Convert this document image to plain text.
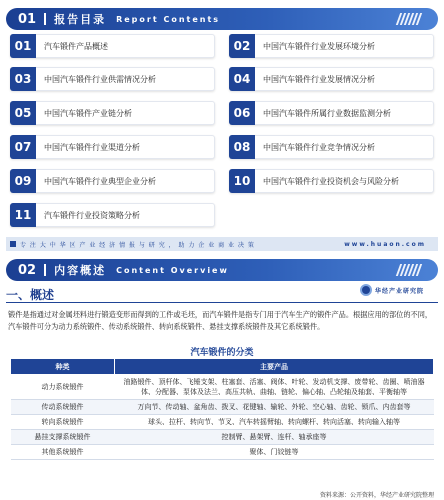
01 报告目录 Report Contents
01	汽车锻件产品概述	02	中国汽车锻件行业发展环境分析
03	中国汽车锻件行业供需情况分析	04	中国汽车锻件行业发展情况分析
05	中国汽车锻件产业链分析	06	中国汽车锻件所属行业数据监测分析
07	中国汽车锻件行业渠道分析	08	中国汽车锻件行业竞争情况分析
09	中国汽车锻件行业典型企业分析	10	中国汽车锻件行业投资机会与风险分析
11	汽车锻件行业投资策略分析
专 注 大 中 华 区 产 业 经 济 情 报 与 研 究 ， 助 力 企 业 商 业 决 策	www.huaon.com
02 内容概述 Content Overview
一、概述	华经产业研究院
锻件是指通过对金属坯料进行锻造变形而得到的工件或毛坯，而汽车锻件是指专门用于汽车生产的锻件产品。根据应用的部位的不同，汽车锻件可分为动力系统锻件、传动系统锻件、转向系统锻件、悬挂支撑系统锻件及其它系统锻件。
汽车锻件的分类
种类	主要产品
动力系统锻件	油路锻件、顶杆体、飞锤支架、柱塞套、活塞、阀体、叶轮、发动机支撑、废带轮、齿圈、喷油器体、分配器、泵体及法兰、高压共轨、曲轴、链轮、偏心轴、凸轮轴及轴套、平衡轴等
传动系统锻件	万向节、传动轴、盆角齿、拨叉、花键轴、输轮、外轮、空心轴、齿轮、锁爪、内齿套等
转向系统锻件	球头、拉杆、转向节、节叉、汽车转摇臂轴、转向螺杆、转向活塞、转向输入轴等
悬挂支撑系统锻件	控制臂、悬架臂、连杆、轴承座等
其他系统锻件	聚体、门铰链等
资料来源：公开资料，华经产业研究院整理
